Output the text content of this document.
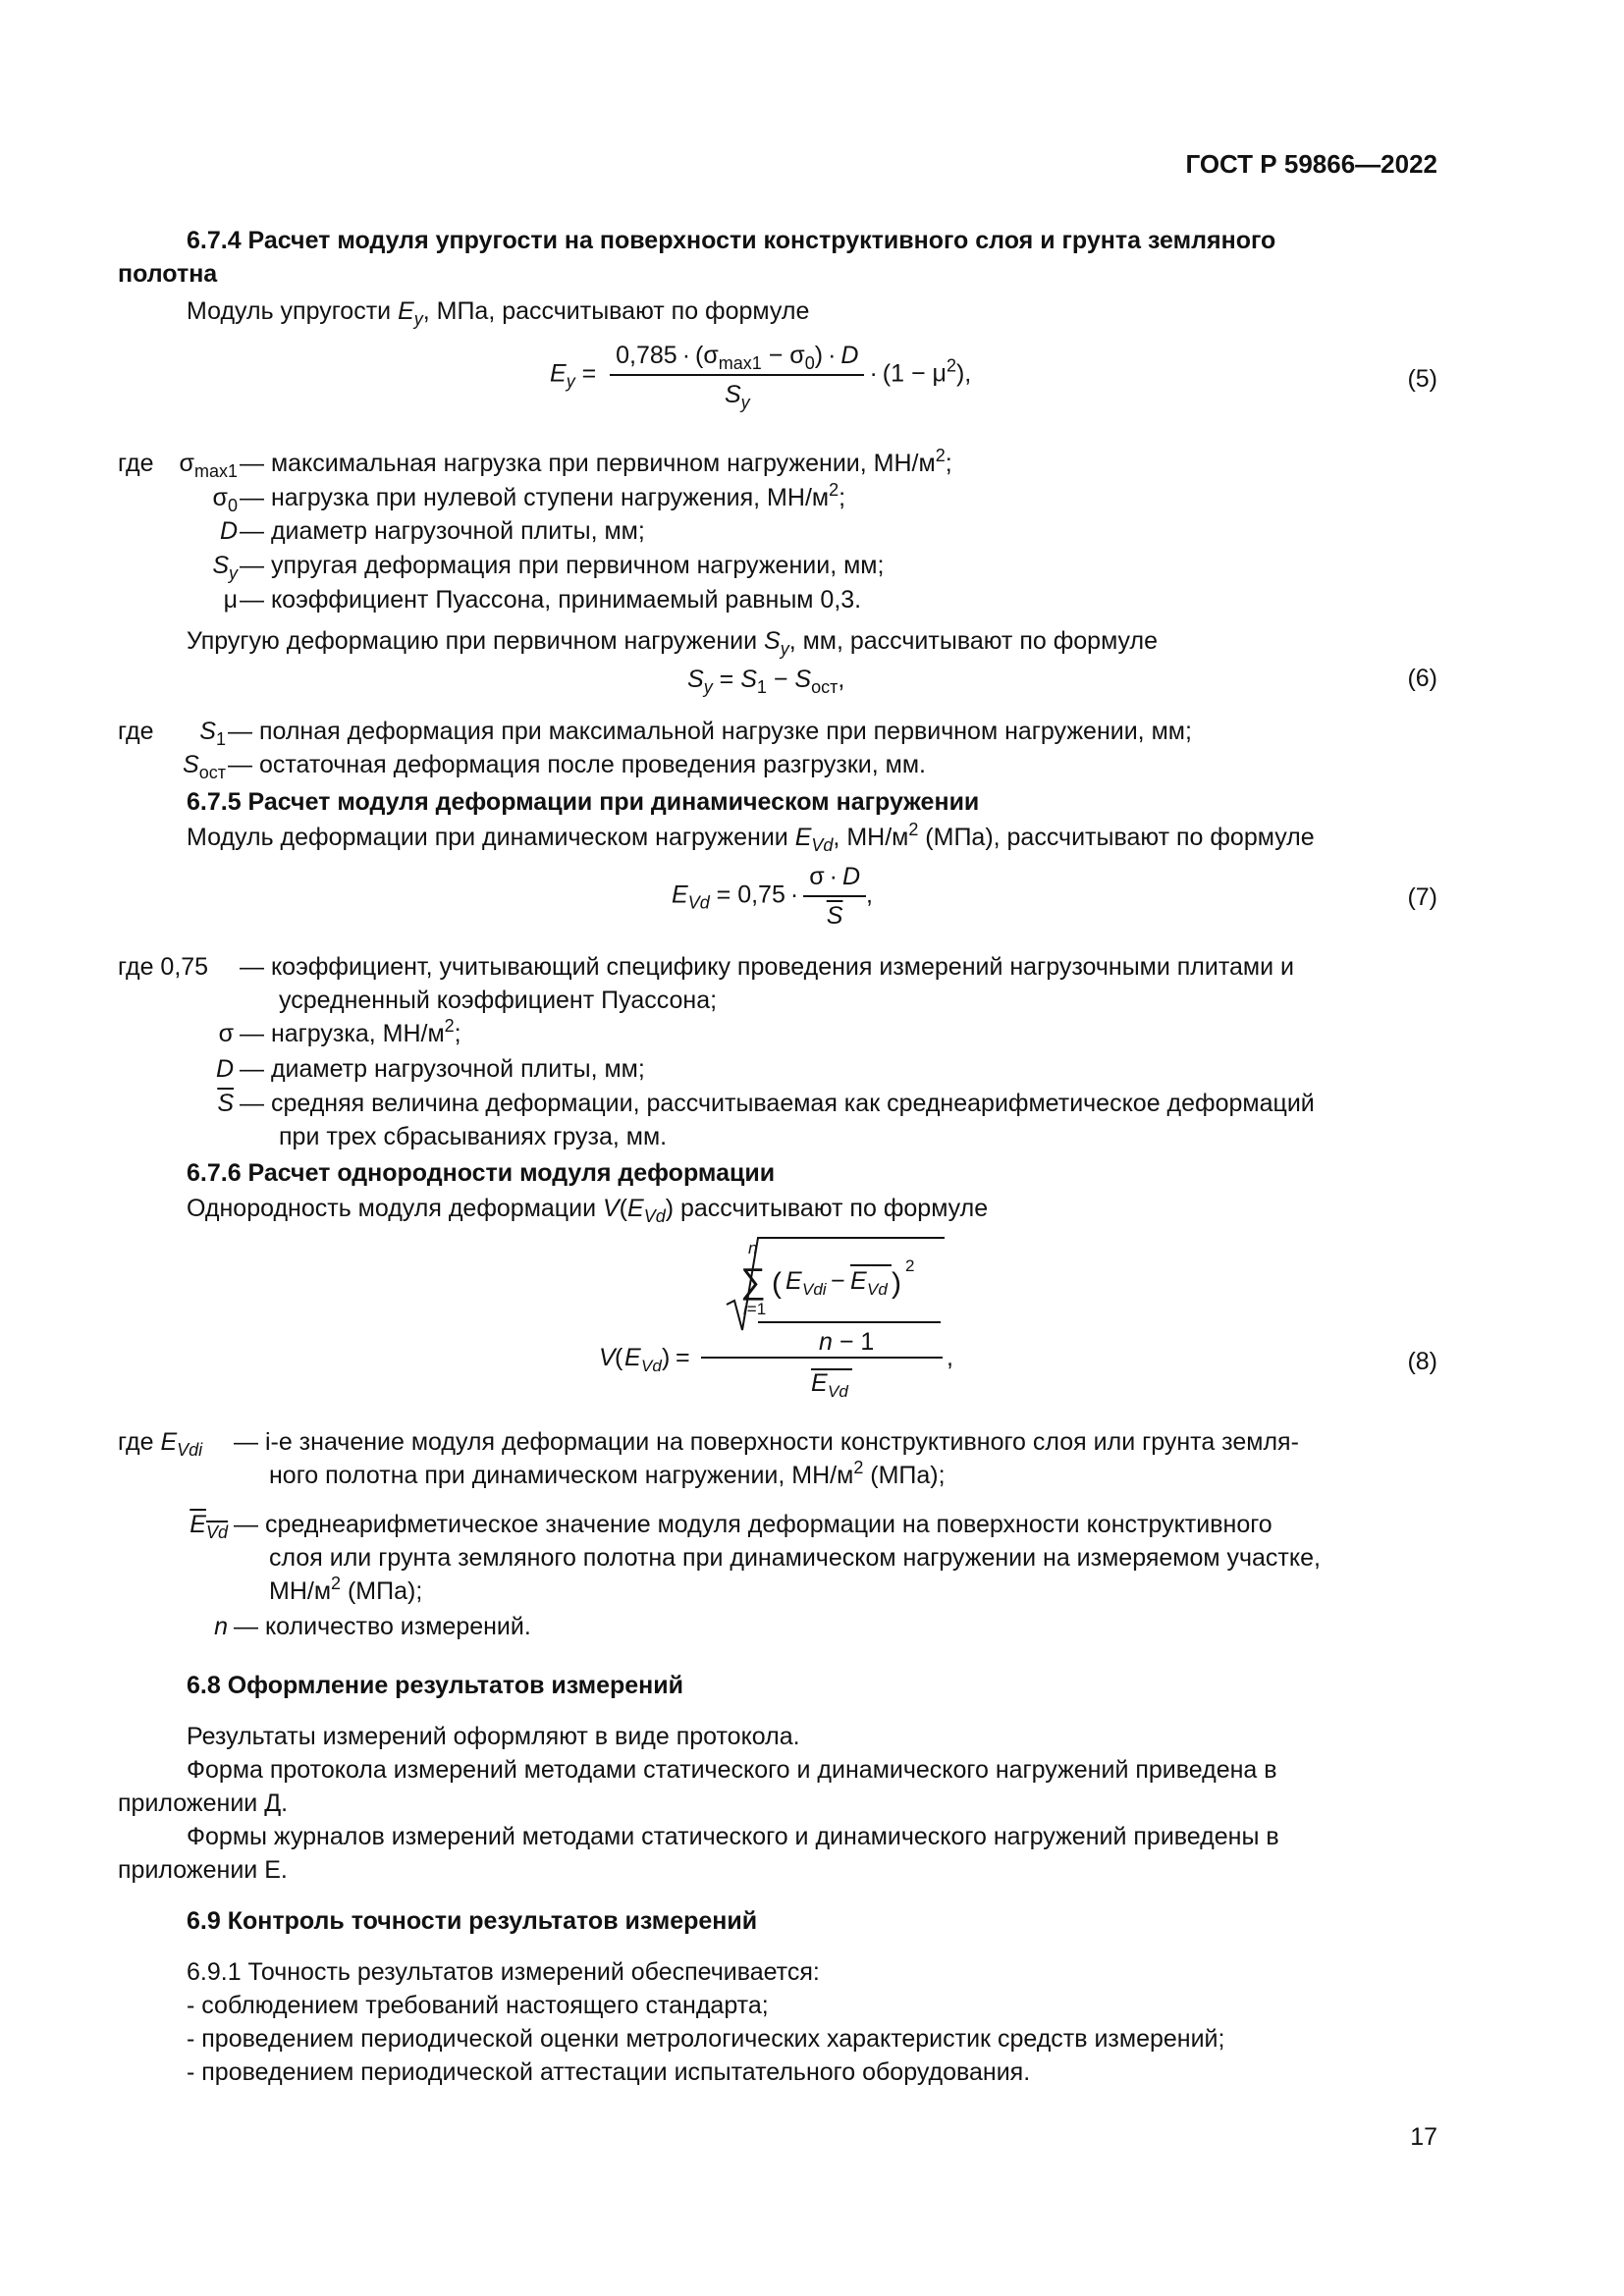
ГОСТ Р 59866—2022
6.7.4 Расчет модуля упругости на поверхности конструктивного слоя и грунта земляного
полотна
Модуль упругости $E_y$, МПа, рассчитывают по формуле
$E_y = \frac{0,785 \cdot (\sigma_{max1} - \sigma_0) \cdot D}{S_y} \cdot (1 - \mu^2)$,	(5)
где	$\sigma_{max1}$ — максимальная нагрузка при первичном нагружении, $МН/м^2$;
$\sigma_0$ — нагрузка при нулевой ступени нагружения, $МН/м^2$;
D — диаметр нагрузочной плиты, мм;
$S_y$ — упругая деформация при первичном нагружении, мм;
μ — коэффициент Пуассона, принимаемый равным 0,3.
Упругую деформацию при первичном нагружении $S_y$, мм, рассчитывают по формуле
$S_y = S_1 - S_{ост}$,	(6)
где	$S_1$ — полная деформация при максимальной нагрузке при первичном нагружении, мм;
$S_{ост}$ — остаточная деформация после проведения разгрузки, мм.
6.7.5 Расчет модуля деформации при динамическом нагружении
Модуль деформации при динамическом нагружении $E_{Vd}$, $МН/м^2$ (МПа), рассчитывают по формуле
$E_{Vd} = 0,75 \cdot \frac{\sigma \cdot D}{S}$ ,	(7)
где 0,75 — коэффициент, учитывающий специфику проведения измерений нагрузочными плитами и
усредненный коэффициент Пуассона;
σ — нагрузка, $МН/м^2$;
D — диаметр нагрузочной плиты, мм;
$\overline{S}$ — средняя величина деформации, рассчитываемая как среднеарифметическое деформаций
при трех сбрасываниях груза, мм.
6.7.6 Расчет однородности модуля деформации
Однородность модуля деформации $V(E_{Vd})$ рассчитывают по формуле
V ( E Vd ) =
n
∑
i=1
( E Vdi − E Vd )
2
n − 1
E Vd
,	(8)
где $E_{Vdi}$ — i-е значение модуля деформации на поверхности конструктивного слоя или грунта земля-
ного полотна при динамическом нагружении, $МН/м^2$ (МПа);
$E_{Vd}$ — среднеарифметическое значение модуля деформации на поверхности конструктивного
слоя или грунта земляного полотна при динамическом нагружении на измеряемом участке,
$МН/м^2$ (МПа);
n — количество измерений.
6.8 Оформление результатов измерений
Результаты измерений оформляют в виде протокола.
Форма протокола измерений методами статического и динамического нагружений приведена в
приложении Д.
Формы журналов измерений методами статического и динамического нагружений приведены в
приложении Е.
6.9 Контроль точности результатов измерений
6.9.1 Точность результатов измерений обеспечивается:
- соблюдением требований настоящего стандарта;
- проведением периодической оценки метрологических характеристик средств измерений;
- проведением периодической аттестации испытательного оборудования.
17
